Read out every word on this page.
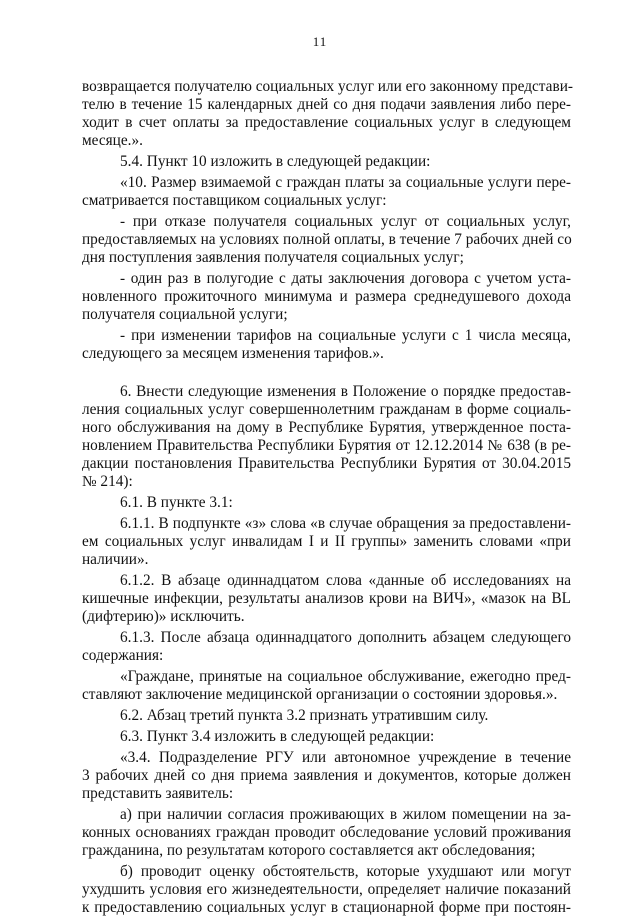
11
возвращается получателю социальных услуг или его законному представи-
телю в течение 15 календарных дней со дня подачи заявления либо пере-
ходит в счет оплаты за предоставление социальных услуг в следующем
месяце.».
5.4. Пункт 10 изложить в следующей редакции:
«10. Размер взимаемой с граждан платы за социальные услуги пере-
сматривается поставщиком социальных услуг:
- при отказе получателя социальных услуг от социальных услуг,
предоставляемых на условиях полной оплаты, в течение 7 рабочих дней со
дня поступления заявления получателя социальных услуг;
- один раз в полугодие с даты заключения договора с учетом уста-
новленного прожиточного минимума и размера среднедушевого дохода
получателя социальной услуги;
- при изменении тарифов на социальные услуги с 1 числа месяца,
следующего за месяцем изменения тарифов.».
6. Внести следующие изменения в Положение о порядке предостав-
ления социальных услуг совершеннолетним гражданам в форме социаль-
ного обслуживания на дому в Республике Бурятия, утвержденное поста-
новлением Правительства Республики Бурятия от 12.12.2014 № 638 (в ре-
дакции постановления Правительства Республики Бурятия от 30.04.2015
№ 214):
6.1. В пункте 3.1:
6.1.1. В подпункте «з» слова «в случае обращения за предоставлени-
ем социальных услуг инвалидам I и II группы» заменить словами «при
наличии».
6.1.2. В абзаце одиннадцатом слова «данные об исследованиях на
кишечные инфекции, результаты анализов крови на ВИЧ», «мазок на BL
(дифтерию)» исключить.
6.1.3. После абзаца одиннадцатого дополнить абзацем следующего
содержания:
«Граждане, принятые на социальное обслуживание, ежегодно пред-
ставляют заключение медицинской организации о состоянии здоровья.».
6.2. Абзац третий пункта 3.2 признать утратившим силу.
6.3. Пункт 3.4 изложить в следующей редакции:
«3.4. Подразделение РГУ или автономное учреждение в течение
3 рабочих дней со дня приема заявления и документов, которые должен
представить заявитель:
а) при наличии согласия проживающих в жилом помещении на за-
конных основаниях граждан проводит обследование условий проживания
гражданина, по результатам которого составляется акт обследования;
б) проводит оценку обстоятельств, которые ухудшают или могут
ухудшить условия его жизнедеятельности, определяет наличие показаний
к предоставлению социальных услуг в стационарной форме при постоян-
